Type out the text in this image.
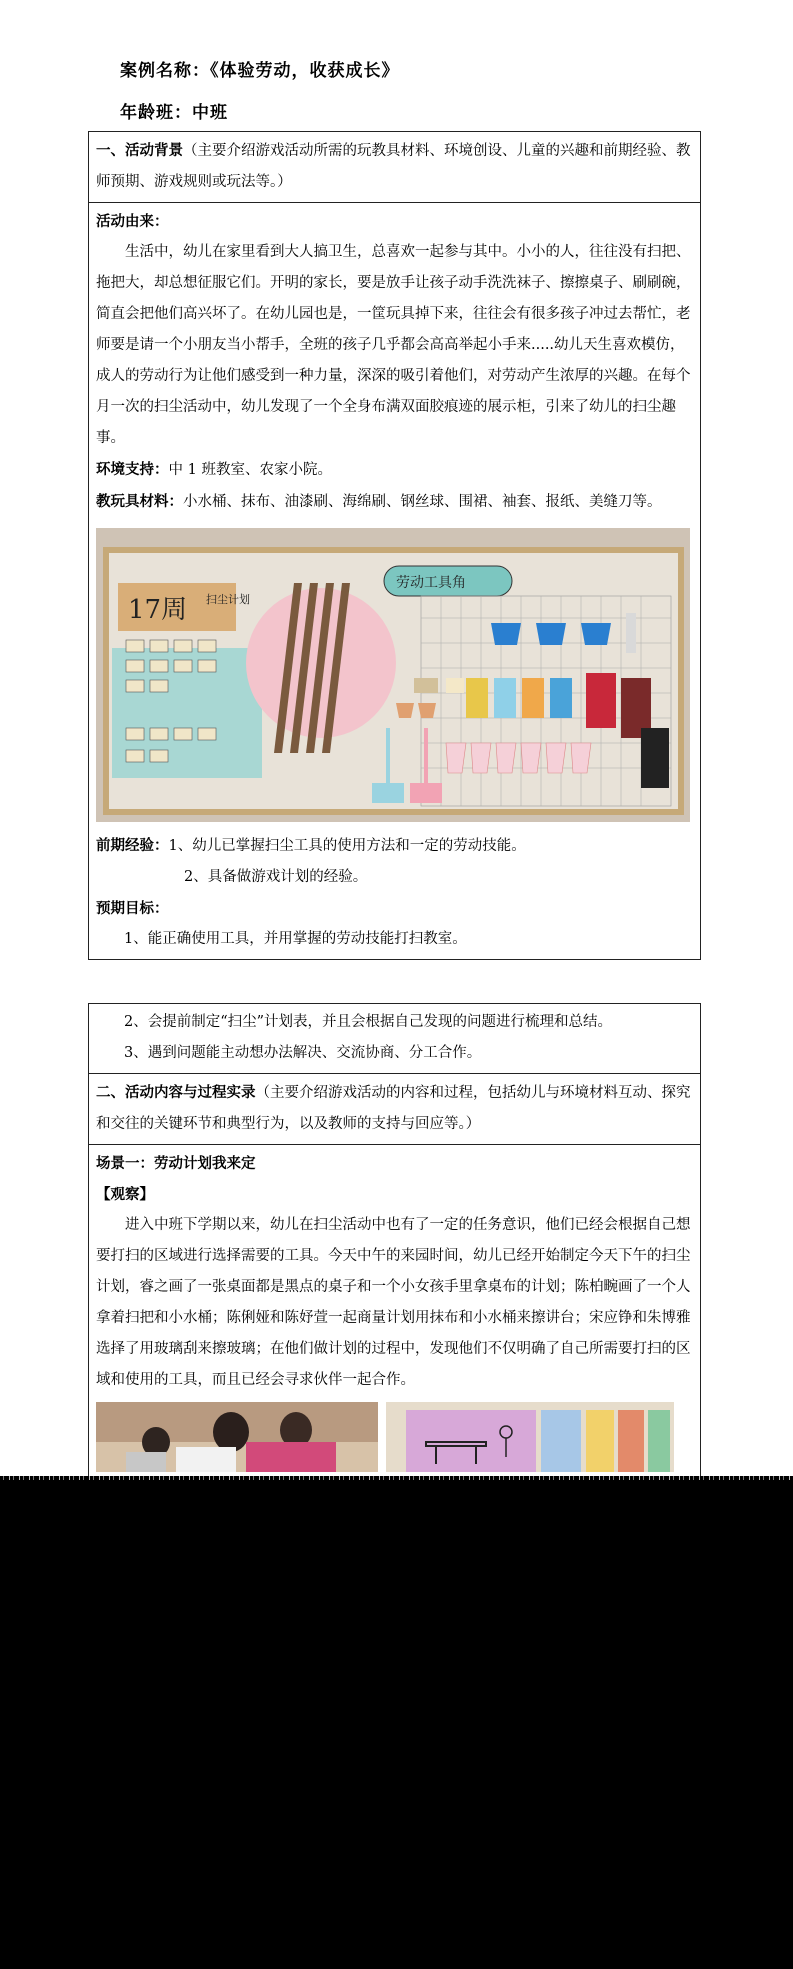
案例名称：《体验劳动，收获成长》
年龄班：中班
一、活动背景（主要介绍游戏活动所需的玩教具材料、环境创设、儿童的兴趣和前期经验、教师预期、游戏规则或玩法等。）

活动由来：

生活中，幼儿在家里看到大人搞卫生，总喜欢一起参与其中。小小的人，往往没有扫把、拖把大，却总想征服它们。开明的家长，要是放手让孩子动手洗洗袜子、擦擦桌子、刷刷碗，简直会把他们高兴坏了。在幼儿园也是，一筐玩具掉下来，往往会有很多孩子冲过去帮忙，老师要是请一个小朋友当小帮手，全班的孩子几乎都会高高举起小手来.....幼儿天生喜欢模仿，成人的劳动行为让他们感受到一种力量，深深的吸引着他们，对劳动产生浓厚的兴趣。在每个月一次的扫尘活动中，幼儿发现了一个全身布满双面胶痕迹的展示柜，引来了幼儿的扫尘趣事。

环境支持：中 1 班教室、农家小院。

教玩具材料：小水桶、抹布、油漆刷、海绵刷、钢丝球、围裙、袖套、报纸、美缝刀等。

17周 扫尘计划
劳动工具角

前期经验：1、幼儿已掌握扫尘工具的使用方法和一定的劳动技能。

2、具备做游戏计划的经验。

预期目标：

1、能正确使用工具，并用掌握的劳动技能打扫教室。

2、会提前制定“扫尘”计划表，并且会根据自己发现的问题进行梳理和总结。

3、遇到问题能主动想办法解决、交流协商、分工合作。

二、活动内容与过程实录（主要介绍游戏活动的内容和过程，包括幼儿与环境材料互动、探究和交往的关键环节和典型行为，以及教师的支持与回应等。）

场景一：劳动计划我来定

【观察】

进入中班下学期以来，幼儿在扫尘活动中也有了一定的任务意识，他们已经会根据自己想要打扫的区域进行选择需要的工具。今天中午的来园时间，幼儿已经开始制定今天下午的扫尘计划，睿之画了一张桌面都是黑点的桌子和一个小女孩手里拿桌布的计划；陈柏畹画了一个人拿着扫把和小水桶；陈俐娅和陈妤萱一起商量计划用抹布和小水桶来擦讲台；宋应铮和朱博雅选择了用玻璃刮来擦玻璃；在他们做计划的过程中，发现他们不仅明确了自己所需要打扫的区域和使用的工具，而且已经会寻求伙伴一起合作。
